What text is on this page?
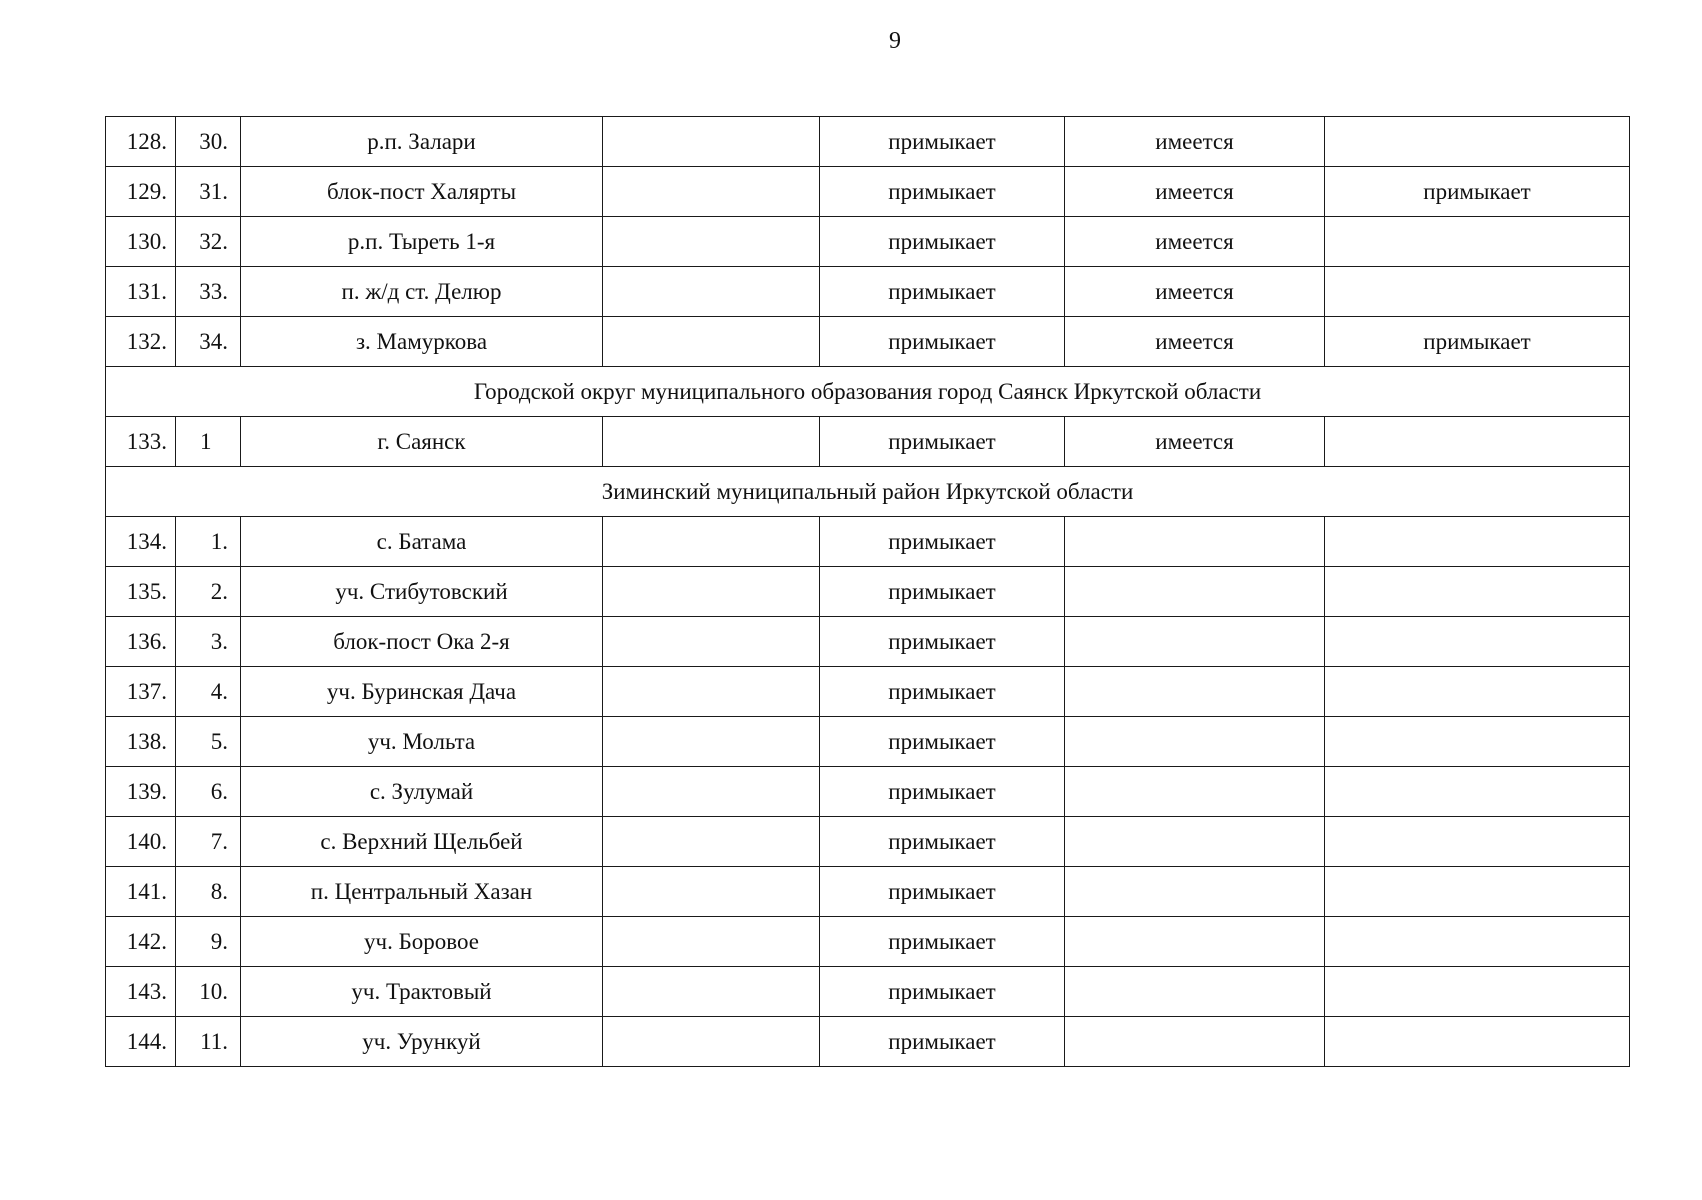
9
128.	30.	р.п. Залари		примыкает	имеется	
129.	31.	блок-пост Халярты		примыкает	имеется	примыкает
130.	32.	р.п. Тыреть 1-я		примыкает	имеется	
131.	33.	п. ж/д ст. Делюр		примыкает	имеется	
132.	34.	з. Мамуркова		примыкает	имеется	примыкает
Городской округ муниципального образования город Саянск Иркутской области						
133.	1	г. Саянск		примыкает	имеется	
Зиминский муниципальный район Иркутской области						
134.	1.	с. Батама		примыкает		
135.	2.	уч. Стибутовский		примыкает		
136.	3.	блок-пост Ока 2-я		примыкает		
137.	4.	уч. Буринская Дача		примыкает		
138.	5.	уч. Мольта		примыкает		
139.	6.	с. Зулумай		примыкает		
140.	7.	с. Верхний Щельбей		примыкает		
141.	8.	п. Центральный Хазан		примыкает		
142.	9.	уч. Боровое		примыкает		
143.	10.	уч. Трактовый		примыкает		
144.	11.	уч. Урункуй		примыкает		
